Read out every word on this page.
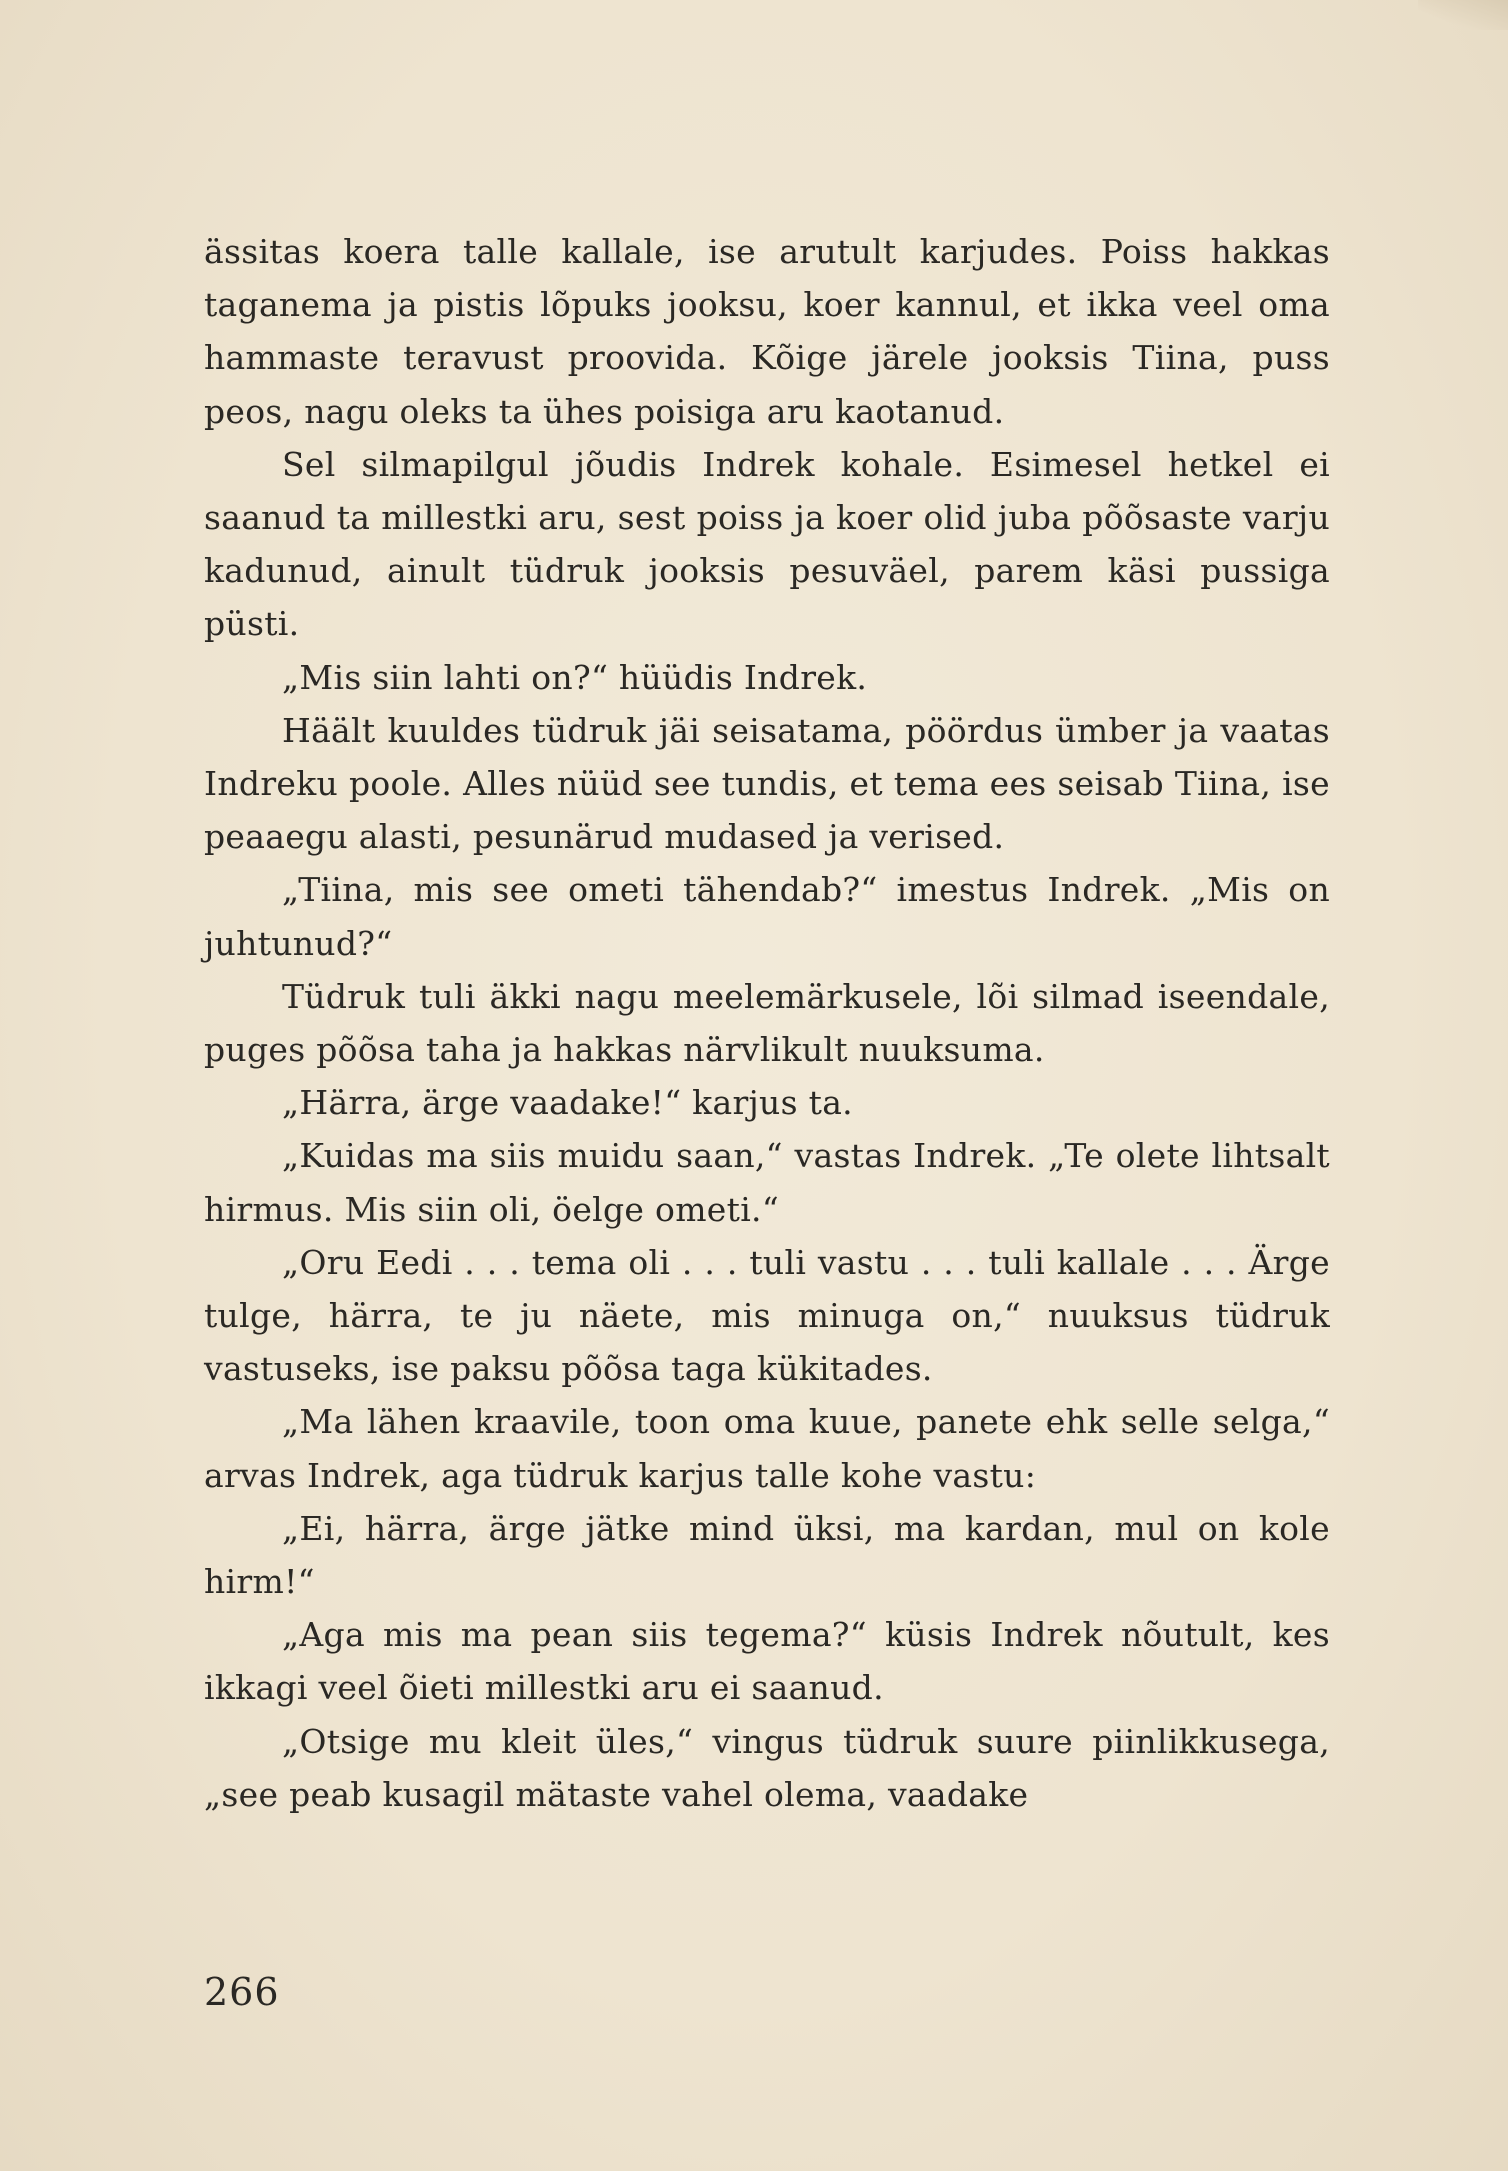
ässitas koera talle kallale, ise arutult karjudes. Poiss hakkas taganema ja pistis lõpuks jooksu, koer kannul, et ikka veel oma hammaste teravust proovida. Kõige järele jooksis Tiina, puss peos, nagu oleks ta ühes poisiga aru kaotanud.

Sel silmapilgul jõudis Indrek kohale. Esimesel hetkel ei saanud ta millestki aru, sest poiss ja koer olid juba põõsaste varju kadunud, ainult tüdruk jooksis pesuväel, parem käsi pussiga püsti.

„Mis siin lahti on?“ hüüdis Indrek.

Häält kuuldes tüdruk jäi seisatama, pöördus ümber ja vaatas Indreku poole. Alles nüüd see tundis, et tema ees seisab Tiina, ise peaaegu alasti, pesunärud mudased ja verised.

„Tiina, mis see ometi tähendab?“ imestus Indrek. „Mis on juhtunud?“

Tüdruk tuli äkki nagu meelemärkusele, lõi silmad iseendale, puges põõsa taha ja hakkas närvlikult nuuksuma.

„Härra, ärge vaadake!“ karjus ta.

„Kuidas ma siis muidu saan,“ vastas Indrek. „Te olete lihtsalt hirmus. Mis siin oli, öelge ometi.“

„Oru Eedi . . . tema oli . . . tuli vastu . . . tuli kallale . . . Ärge tulge, härra, te ju näete, mis minuga on,“ nuuksus tüdruk vastuseks, ise paksu põõsa taga kükitades.

„Ma lähen kraavile, toon oma kuue, panete ehk selle selga,“ arvas Indrek, aga tüdruk karjus talle kohe vastu:

„Ei, härra, ärge jätke mind üksi, ma kardan, mul on kole hirm!“

„Aga mis ma pean siis tegema?“ küsis Indrek nõutult, kes ikkagi veel õieti millestki aru ei saanud.

„Otsige mu kleit üles,“ vingus tüdruk suure piinlikkusega, „see peab kusagil mätaste vahel olema, vaadake

266
